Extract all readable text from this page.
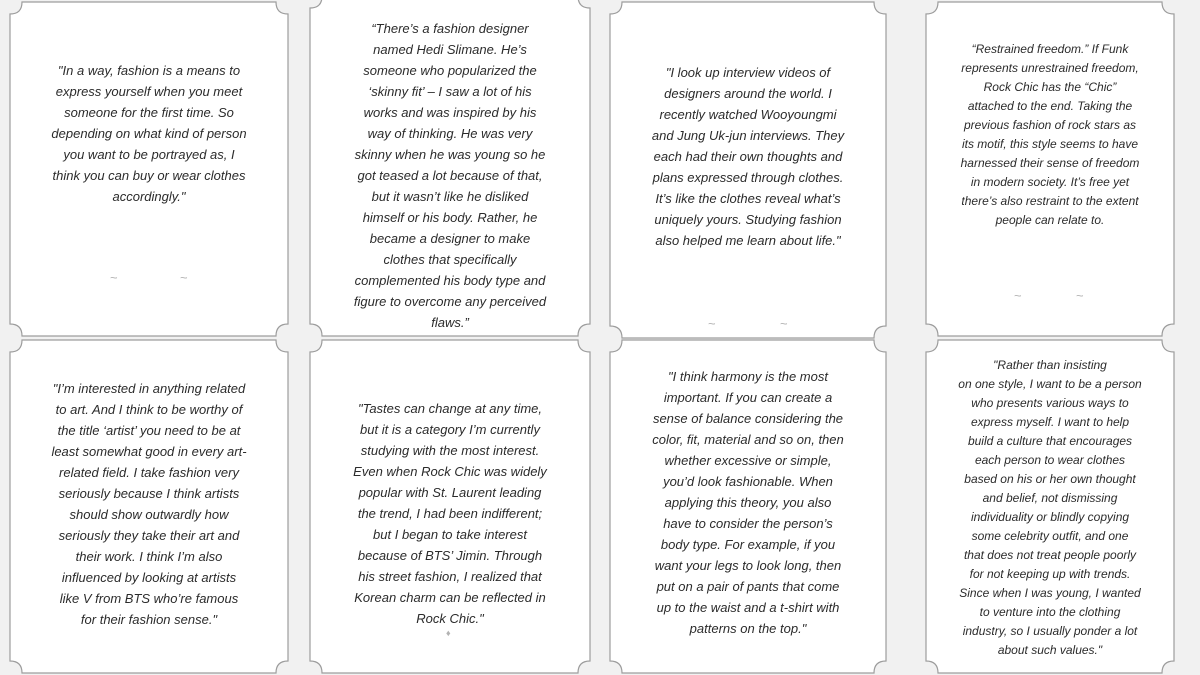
~	~
"In a way, fashion is a means to
express yourself when you meet
someone for the first time. So
depending on what kind of person
you want to be portrayed as, I
think you can buy or wear clothes
accordingly."
“There’s a fashion designer
named Hedi Slimane. He’s
someone who popularized the
‘skinny fit’ – I saw a lot of his
works and was inspired by his
way of thinking. He was very
skinny when he was young so he
got teased a lot because of that,
but it wasn’t like he disliked
himself or his body. Rather, he
became a designer to make
clothes that specifically
complemented his body type and
figure to overcome any perceived
flaws.”	~	~
"I look up interview videos of
designers around the world. I
recently watched Wooyoungmi
and Jung Uk-jun interviews. They
each had their own thoughts and
plans expressed through clothes.
It’s like the clothes reveal what’s
uniquely yours. Studying fashion
also helped me learn about life."
~	~
“Restrained freedom.” If Funk
represents unrestrained freedom,
Rock Chic has the “Chic”
attached to the end. Taking the
previous fashion of rock stars as
its motif, this style seems to have
harnessed their sense of freedom
in modern society. It’s free yet
there’s also restraint to the extent
people can relate to.
"I’m interested in anything related
to art. And I think to be worthy of
the title ‘artist’ you need to be at
least somewhat good in every art-
related field. I take fashion very
seriously because I think artists
should show outwardly how
seriously they take their art and
their work. I think I’m also
influenced by looking at artists
like V from BTS who’re famous
for their fashion sense."
♦
"Tastes can change at any time,
but it is a category I’m currently
studying with the most interest.
Even when Rock Chic was widely
popular with St. Laurent leading
the trend, I had been indifferent;
but I began to take interest
because of BTS’ Jimin. Through
his street fashion, I realized that
Korean charm can be reflected in
Rock Chic."
"I think harmony is the most
important. If you can create a
sense of balance considering the
color, fit, material and so on, then
whether excessive or simple,
you’d look fashionable. When
applying this theory, you also
have to consider the person’s
body type. For example, if you
want your legs to look long, then
put on a pair of pants that come
up to the waist and a t-shirt with
patterns on the top."
"Rather than insisting
on one style, I want to be a person
who presents various ways to
express myself. I want to help
build a culture that encourages
each person to wear clothes
based on his or her own thought
and belief, not dismissing
individuality or blindly copying
some celebrity outfit, and one
that does not treat people poorly
for not keeping up with trends.
Since when I was young, I wanted
to venture into the clothing
industry, so I usually ponder a lot
about such values."
